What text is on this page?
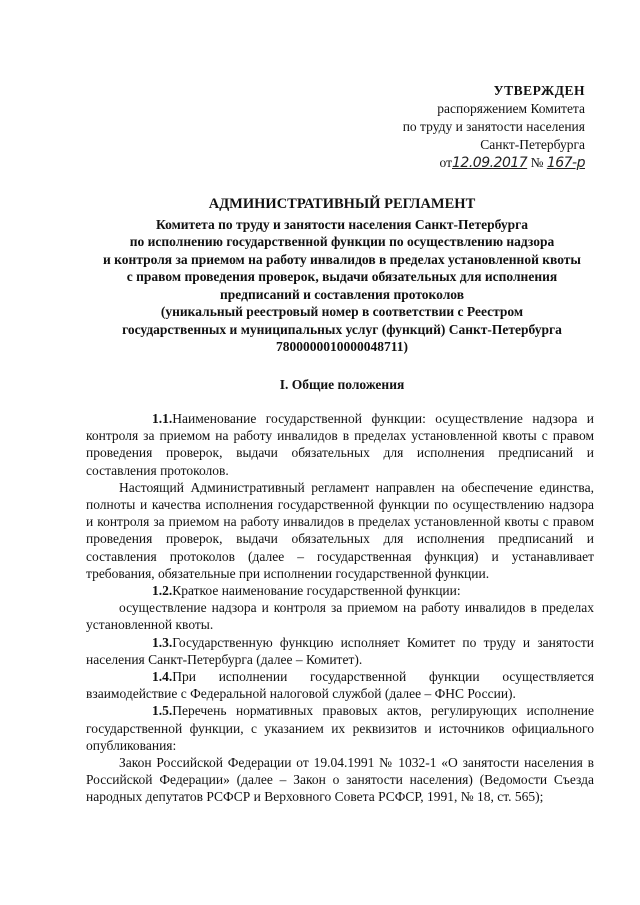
УТВЕРЖДЕН
распоряжением Комитета
по труду и занятости населения
Санкт-Петербурга
от12.09.2017 № 167-р
АДМИНИСТРАТИВНЫЙ РЕГЛАМЕНТ
Комитета по труду и занятости населения Санкт-Петербурга
по исполнению государственной функции по осуществлению надзора
и контроля за приемом на работу инвалидов в пределах установленной квоты
с правом проведения проверок, выдачи обязательных для исполнения
предписаний и составления протоколов
(уникальный реестровый номер в соответствии с Реестром
государственных и муниципальных услуг (функций) Санкт-Петербурга
7800000010000048711)
I. Общие положения

1.1.Наименование государственной функции: осуществление надзора и контроля за приемом на работу инвалидов в пределах установленной квоты с правом проведения проверок, выдачи обязательных для исполнения предписаний и составления протоколов.

Настоящий Административный регламент направлен на обеспечение единства, полноты и качества исполнения государственной функции по осуществлению надзора и контроля за приемом на работу инвалидов в пределах установленной квоты с правом проведения проверок, выдачи обязательных для исполнения предписаний и составления протоколов (далее – государственная функция) и устанавливает требования, обязательные при исполнении государственной функции.

1.2.Краткое наименование государственной функции:

осуществление надзора и контроля за приемом на работу инвалидов в пределах установленной квоты.

1.3.Государственную функцию исполняет Комитет по труду и занятости населения Санкт-Петербурга (далее – Комитет).

1.4.При исполнении государственной функции осуществляется взаимодействие с Федеральной налоговой службой (далее – ФНС России).

1.5.Перечень нормативных правовых актов, регулирующих исполнение государственной функции, с указанием их реквизитов и источников официального опубликования:

Закон Российской Федерации от 19.04.1991 № 1032-1 «О занятости населения в Российской Федерации» (далее – Закон о занятости населения) (Ведомости Съезда народных депутатов РСФСР и Верховного Совета РСФСР, 1991, № 18, ст. 565);
